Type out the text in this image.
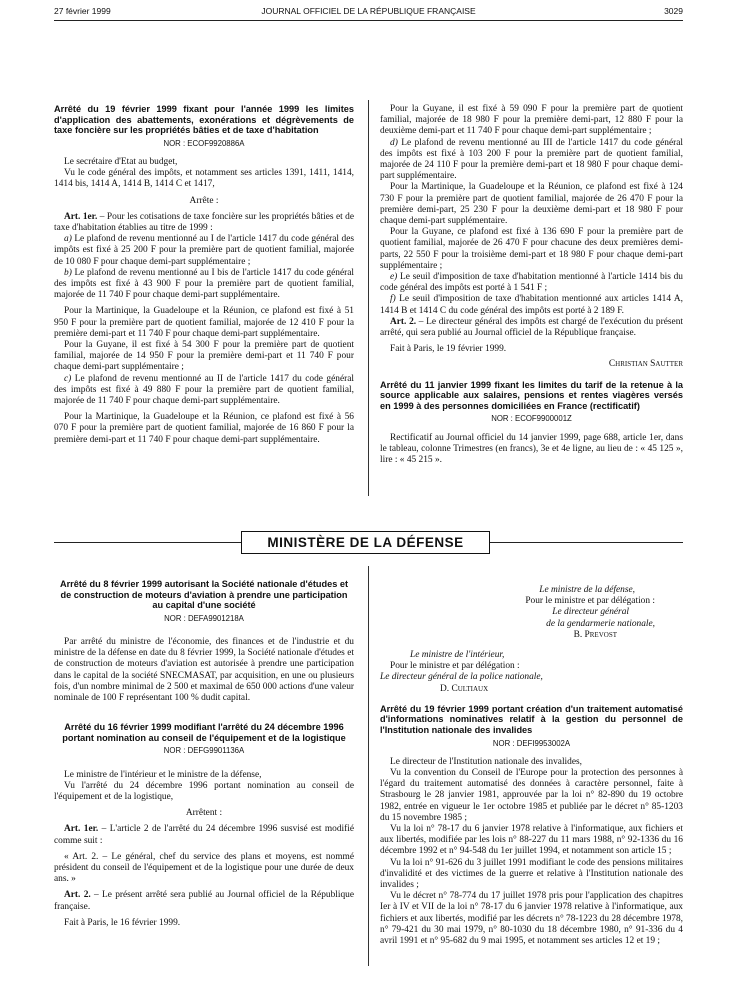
27 février 1999	JOURNAL OFFICIEL DE LA RÉPUBLIQUE FRANÇAISE	3029

Arrêté du 19 février 1999 fixant pour l'année 1999 les limites d'application des abattements, exonérations et dégrèvements de taxe foncière sur les propriétés bâties et de taxe d'habitation

NOR : ECOF9920886A

Le secrétaire d'Etat au budget,

Vu le code général des impôts, et notamment ses articles 1391, 1411, 1414, 1414 bis, 1414 A, 1414 B, 1414 C et 1417,

Arrête :

Art. 1er. – Pour les cotisations de taxe foncière sur les propriétés bâties et de taxe d'habitation établies au titre de 1999 :

a) Le plafond de revenu mentionné au I de l'article 1417 du code général des impôts est fixé à 25 200 F pour la première part de quotient familial, majorée de 10 080 F pour chaque demi-part supplémentaire ;

b) Le plafond de revenu mentionné au I bis de l'article 1417 du code général des impôts est fixé à 43 900 F pour la première part de quotient familial, majorée de 11 740 F pour chaque demi-part supplémentaire.

Pour la Martinique, la Guadeloupe et la Réunion, ce plafond est fixé à 51 950 F pour la première part de quotient familial, majorée de 12 410 F pour la première demi-part et 11 740 F pour chaque demi-part supplémentaire.

Pour la Guyane, il est fixé à 54 300 F pour la première part de quotient familial, majorée de 14 950 F pour la première demi-part et 11 740 F pour chaque demi-part supplémentaire ;

c) Le plafond de revenu mentionné au II de l'article 1417 du code général des impôts est fixé à 49 880 F pour la première part de quotient familial, majorée de 11 740 F pour chaque demi-part supplémentaire.

Pour la Martinique, la Guadeloupe et la Réunion, ce plafond est fixé à 56 070 F pour la première part de quotient familial, majorée de 16 860 F pour la première demi-part et 11 740 F pour chaque demi-part supplémentaire.

Pour la Guyane, il est fixé à 59 090 F pour la première part de quotient familial, majorée de 18 980 F pour la première demi-part, 12 880 F pour la deuxième demi-part et 11 740 F pour chaque demi-part supplémentaire ;

d) Le plafond de revenu mentionné au III de l'article 1417 du code général des impôts est fixé à 103 200 F pour la première part de quotient familial, majorée de 24 110 F pour la première demi-part et 18 980 F pour chaque demi-part supplémentaire.

Pour la Martinique, la Guadeloupe et la Réunion, ce plafond est fixé à 124 730 F pour la première part de quotient familial, majorée de 26 470 F pour la première demi-part, 25 230 F pour la deuxième demi-part et 18 980 F pour chaque demi-part supplémentaire.

Pour la Guyane, ce plafond est fixé à 136 690 F pour la première part de quotient familial, majorée de 26 470 F pour chacune des deux premières demi-parts, 22 550 F pour la troisième demi-part et 18 980 F pour chaque demi-part supplémentaire ;

e) Le seuil d'imposition de taxe d'habitation mentionné à l'article 1414 bis du code général des impôts est porté à 1 541 F ;

f) Le seuil d'imposition de taxe d'habitation mentionné aux articles 1414 A, 1414 B et 1414 C du code général des impôts est porté à 2 189 F.

Art. 2. – Le directeur général des impôts est chargé de l'exécution du présent arrêté, qui sera publié au Journal officiel de la République française.

Fait à Paris, le 19 février 1999.

Christian Sautter

Arrêté du 11 janvier 1999 fixant les limites du tarif de la retenue à la source applicable aux salaires, pensions et rentes viagères versés en 1999 à des personnes domiciliées en France (rectificatif)

NOR : ECOF9900001Z

Rectificatif au Journal officiel du 14 janvier 1999, page 688, article 1er, dans le tableau, colonne Trimestres (en francs), 3e et 4e ligne, au lieu de : « 45 125 », lire : « 45 215 ».

MINISTÈRE DE LA DÉFENSE

Arrêté du 8 février 1999 autorisant la Société nationale d'études et de construction de moteurs d'aviation à prendre une participation au capital d'une société

NOR : DEFA9901218A

Par arrêté du ministre de l'économie, des finances et de l'industrie et du ministre de la défense en date du 8 février 1999, la Société nationale d'études et de construction de moteurs d'aviation est autorisée à prendre une participation dans le capital de la société SNECMASAT, par acquisition, en une ou plusieurs fois, d'un nombre minimal de 2 500 et maximal de 650 000 actions d'une valeur nominale de 100 F représentant 100 % dudit capital.

Arrêté du 16 février 1999 modifiant l'arrêté du 24 décembre 1996 portant nomination au conseil de l'équipement et de la logistique

NOR : DEFG9901136A

Le ministre de l'intérieur et le ministre de la défense,

Vu l'arrêté du 24 décembre 1996 portant nomination au conseil de l'équipement et de la logistique,

Arrêtent :

Art. 1er. – L'article 2 de l'arrêté du 24 décembre 1996 susvisé est modifié comme suit :

« Art. 2. – Le général, chef du service des plans et moyens, est nommé président du conseil de l'équipement et de la logistique pour une durée de deux ans. »

Art. 2. – Le présent arrêté sera publié au Journal officiel de la République française.

Fait à Paris, le 16 février 1999.

Le ministre de la défense,

Pour le ministre et par délégation :

Le directeur général

de la gendarmerie nationale,

B. Prevost

Le ministre de l'intérieur,

Pour le ministre et par délégation :

Le directeur général de la police nationale,

D. Cultiaux

Arrêté du 19 février 1999 portant création d'un traitement automatisé d'informations nominatives relatif à la gestion du personnel de l'Institution nationale des invalides

NOR : DEFI9953002A

Le directeur de l'Institution nationale des invalides,

Vu la convention du Conseil de l'Europe pour la protection des personnes à l'égard du traitement automatisé des données à caractère personnel, faite à Strasbourg le 28 janvier 1981, approuvée par la loi n° 82-890 du 19 octobre 1982, entrée en vigueur le 1er octobre 1985 et publiée par le décret n° 85-1203 du 15 novembre 1985 ;

Vu la loi n° 78-17 du 6 janvier 1978 relative à l'informatique, aux fichiers et aux libertés, modifiée par les lois n° 88-227 du 11 mars 1988, n° 92-1336 du 16 décembre 1992 et n° 94-548 du 1er juillet 1994, et notamment son article 15 ;

Vu la loi n° 91-626 du 3 juillet 1991 modifiant le code des pensions militaires d'invalidité et des victimes de la guerre et relative à l'Institution nationale des invalides ;

Vu le décret n° 78-774 du 17 juillet 1978 pris pour l'application des chapitres Ier à IV et VII de la loi n° 78-17 du 6 janvier 1978 relative à l'informatique, aux fichiers et aux libertés, modifié par les décrets n° 78-1223 du 28 décembre 1978, n° 79-421 du 30 mai 1979, n° 80-1030 du 18 décembre 1980, n° 91-336 du 4 avril 1991 et n° 95-682 du 9 mai 1995, et notamment ses articles 12 et 19 ;
